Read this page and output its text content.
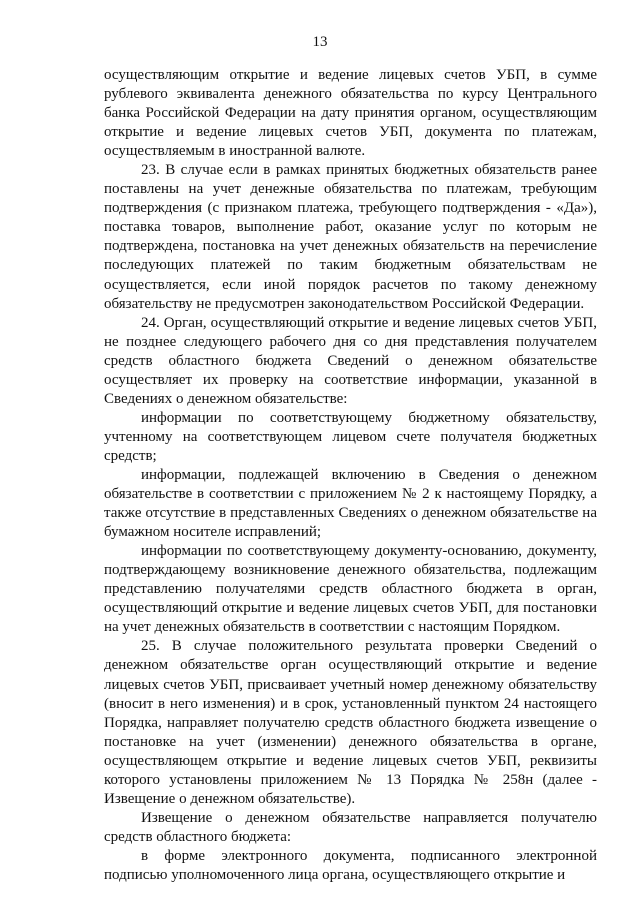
13

осуществляющим открытие и ведение лицевых счетов УБП, в сумме рублевого эквивалента денежного обязательства по курсу Центрального банка Российской Федерации на дату принятия органом, осуществляющим открытие и ведение лицевых счетов УБП, документа по платежам, осуществляемым в иностранной валюте.

23. В случае если в рамках принятых бюджетных обязательств ранее поставлены на учет денежные обязательства по платежам, требующим подтверждения (с признаком платежа, требующего подтверждения - «Да»), поставка товаров, выполнение работ, оказание услуг по которым не подтверждена, постановка на учет денежных обязательств на перечисление последующих платежей по таким бюджетным обязательствам не осуществляется, если иной порядок расчетов по такому денежному обязательству не предусмотрен законодательством Российской Федерации.

24. Орган, осуществляющий открытие и ведение лицевых счетов УБП, не позднее следующего рабочего дня со дня представления получателем средств областного бюджета Сведений о денежном обязательстве осуществляет их проверку на соответствие информации, указанной в Сведениях о денежном обязательстве:

информации по соответствующему бюджетному обязательству, учтенному на соответствующем лицевом счете получателя бюджетных средств;

информации, подлежащей включению в Сведения о денежном обязательстве в соответствии с приложением № 2 к настоящему Порядку, а также отсутствие в представленных Сведениях о денежном обязательстве на бумажном носителе исправлений;

информации по соответствующему документу-основанию, документу, подтверждающему возникновение денежного обязательства, подлежащим представлению получателями средств областного бюджета в орган, осуществляющий открытие и ведение лицевых счетов УБП, для постановки на учет денежных обязательств в соответствии с настоящим Порядком.

25. В случае положительного результата проверки Сведений о денежном обязательстве орган осуществляющий открытие и ведение лицевых счетов УБП, присваивает учетный номер денежному обязательству (вносит в него изменения) и в срок, установленный пунктом 24 настоящего Порядка, направляет получателю средств областного бюджета извещение о постановке на учет (изменении) денежного обязательства в органе, осуществляющем открытие и ведение лицевых счетов УБП, реквизиты которого установлены приложением № 13 Порядка № 258н (далее - Извещение о денежном обязательстве).

Извещение о денежном обязательстве направляется получателю средств областного бюджета:

в форме электронного документа, подписанного электронной подписью уполномоченного лица органа, осуществляющего открытие и
